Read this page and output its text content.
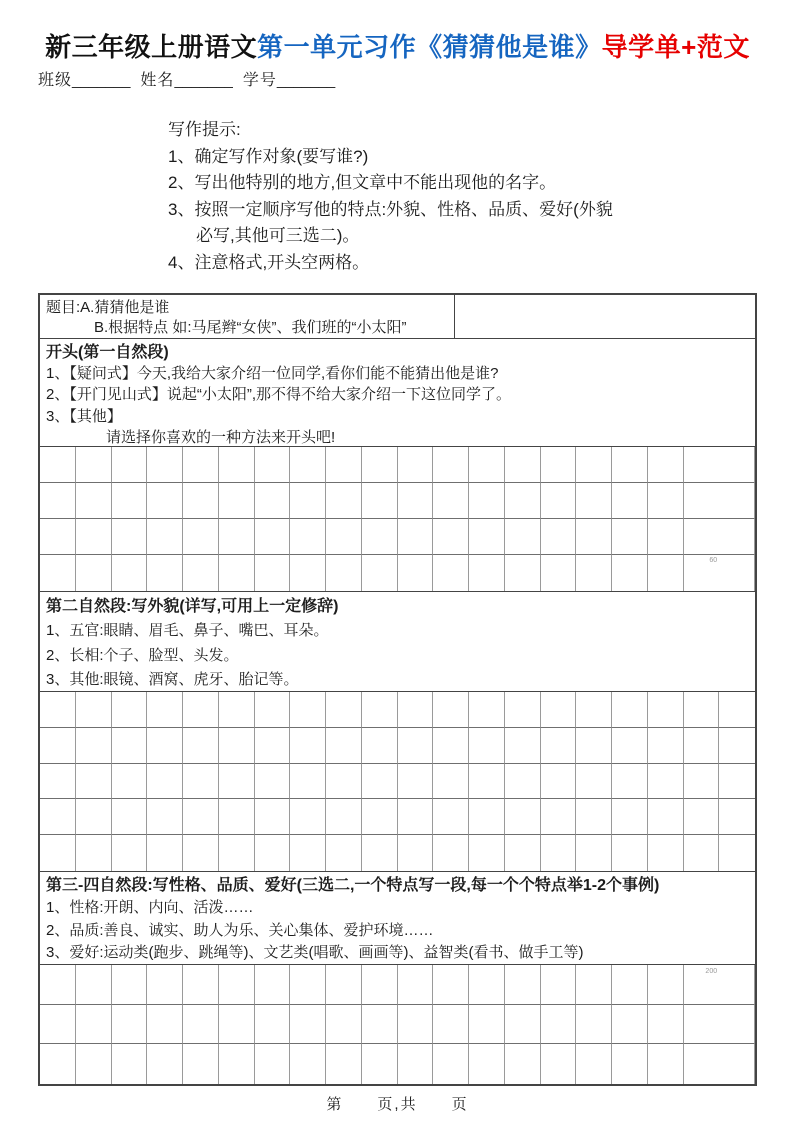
新三年级上册语文第一单元习作《猜猜他是谁》导学单+范文
班级_______ 姓名_______ 学号_______
写作提示:
1、确定写作对象(要写谁?)
2、写出他特别的地方,但文章中不能出现他的名字。
3、按照一定顺序写他的特点:外貌、性格、品质、爱好(外貌
必写,其他可三选二)。
4、注意格式,开头空两格。
题目:A.猜猜他是谁
B.根据特点 如:马尾辫“女侠”、我们班的“小太阳”
开头(第一自然段)
1、【疑问式】今天,我给大家介绍一位同学,看你们能不能猜出他是谁?
2、【开门见山式】说起“小太阳”,那不得不给大家介绍一下这位同学了。
3、【其他】
请选择你喜欢的一种方法来开头吧!
60
第二自然段:写外貌(详写,可用上一定修辞)
1、五官:眼睛、眉毛、鼻子、嘴巴、耳朵。
2、长相:个子、脸型、头发。
3、其他:眼镜、酒窝、虎牙、胎记等。
第三-四自然段:写性格、品质、爱好(三选二,一个特点写一段,每一个个特点举1-2个事例)
1、性格:开朗、内向、活泼……
2、品质:善良、诚实、助人为乐、关心集体、爱护环境……
3、爱好:运动类(跑步、跳绳等)、文艺类(唱歌、画画等)、益智类(看书、做手工等)
200
第　　页,共　　页
